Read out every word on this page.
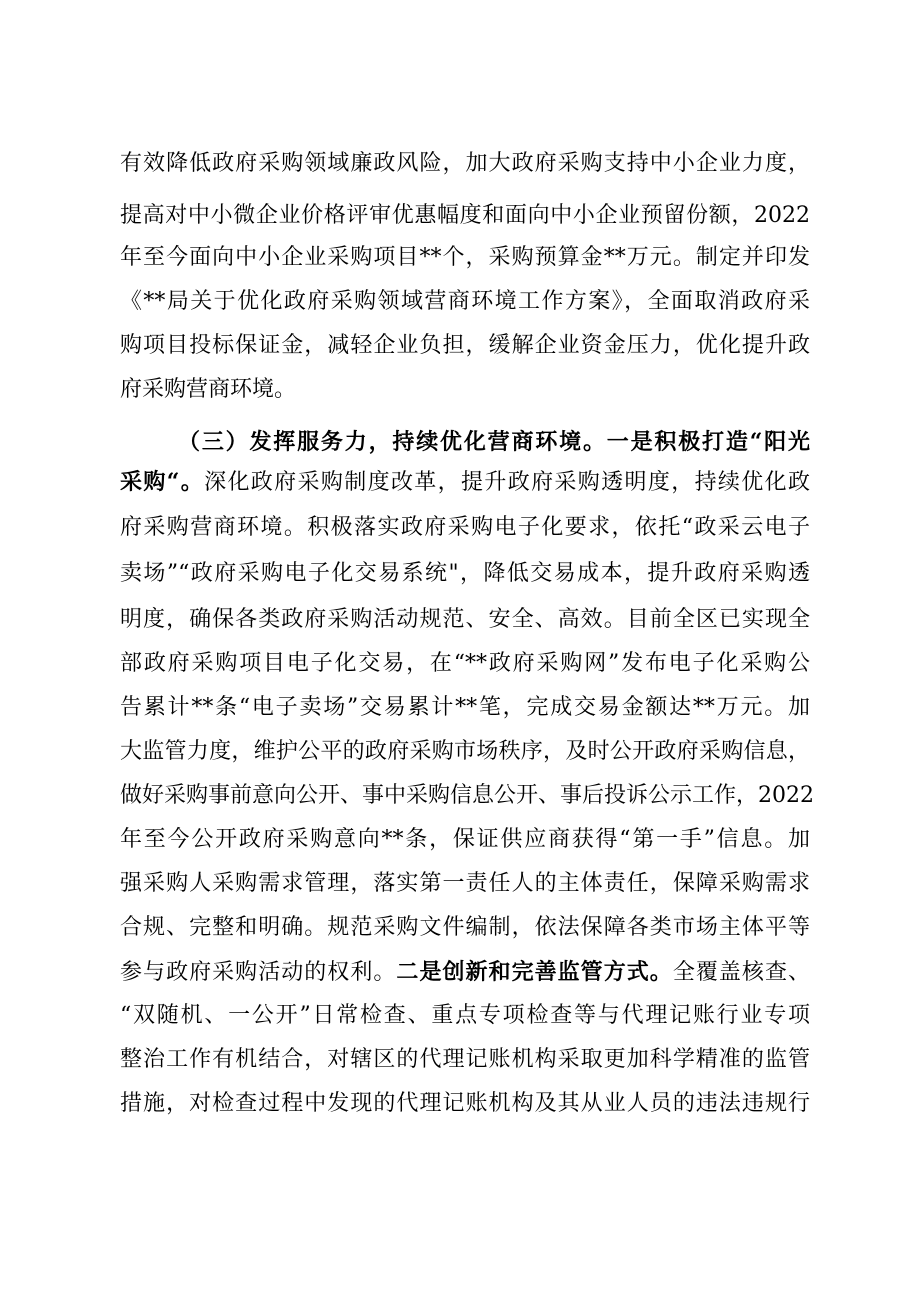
有效降低政府采购领域廉政风险，加大政府采购支持中小企业力度，
提高对中小微企业价格评审优惠幅度和面向中小企业预留份额，2022
年至今面向中小企业采购项目**个，采购预算金**万元。制定并印发
《**局关于优化政府采购领域营商环境工作方案》，全面取消政府采
购项目投标保证金，减轻企业负担，缓解企业资金压力，优化提升政
府采购营商环境。
（三）发挥服务力，持续优化营商环境。一是积极打造“阳光
采购“。深化政府采购制度改革，提升政府采购透明度，持续优化政
府采购营商环境。积极落实政府采购电子化要求，依托“政采云电子
卖场”“政府采购电子化交易系统"，降低交易成本，提升政府采购透
明度，确保各类政府采购活动规范、安全、高效。目前全区已实现全
部政府采购项目电子化交易，在“**政府采购网”发布电子化采购公
告累计**条“电子卖场”交易累计**笔，完成交易金额达**万元。加
大监管力度，维护公平的政府采购市场秩序，及时公开政府采购信息，
做好采购事前意向公开、事中采购信息公开、事后投诉公示工作，2022
年至今公开政府采购意向**条，保证供应商获得“第一手”信息。加
强采购人采购需求管理，落实第一责任人的主体责任，保障采购需求
合规、完整和明确。规范采购文件编制，依法保障各类市场主体平等
参与政府采购活动的权利。二是创新和完善监管方式。全覆盖核查、
“双随机、一公开”日常检查、重点专项检查等与代理记账行业专项
整治工作有机结合，对辖区的代理记账机构采取更加科学精准的监管
措施，对检查过程中发现的代理记账机构及其从业人员的违法违规行
